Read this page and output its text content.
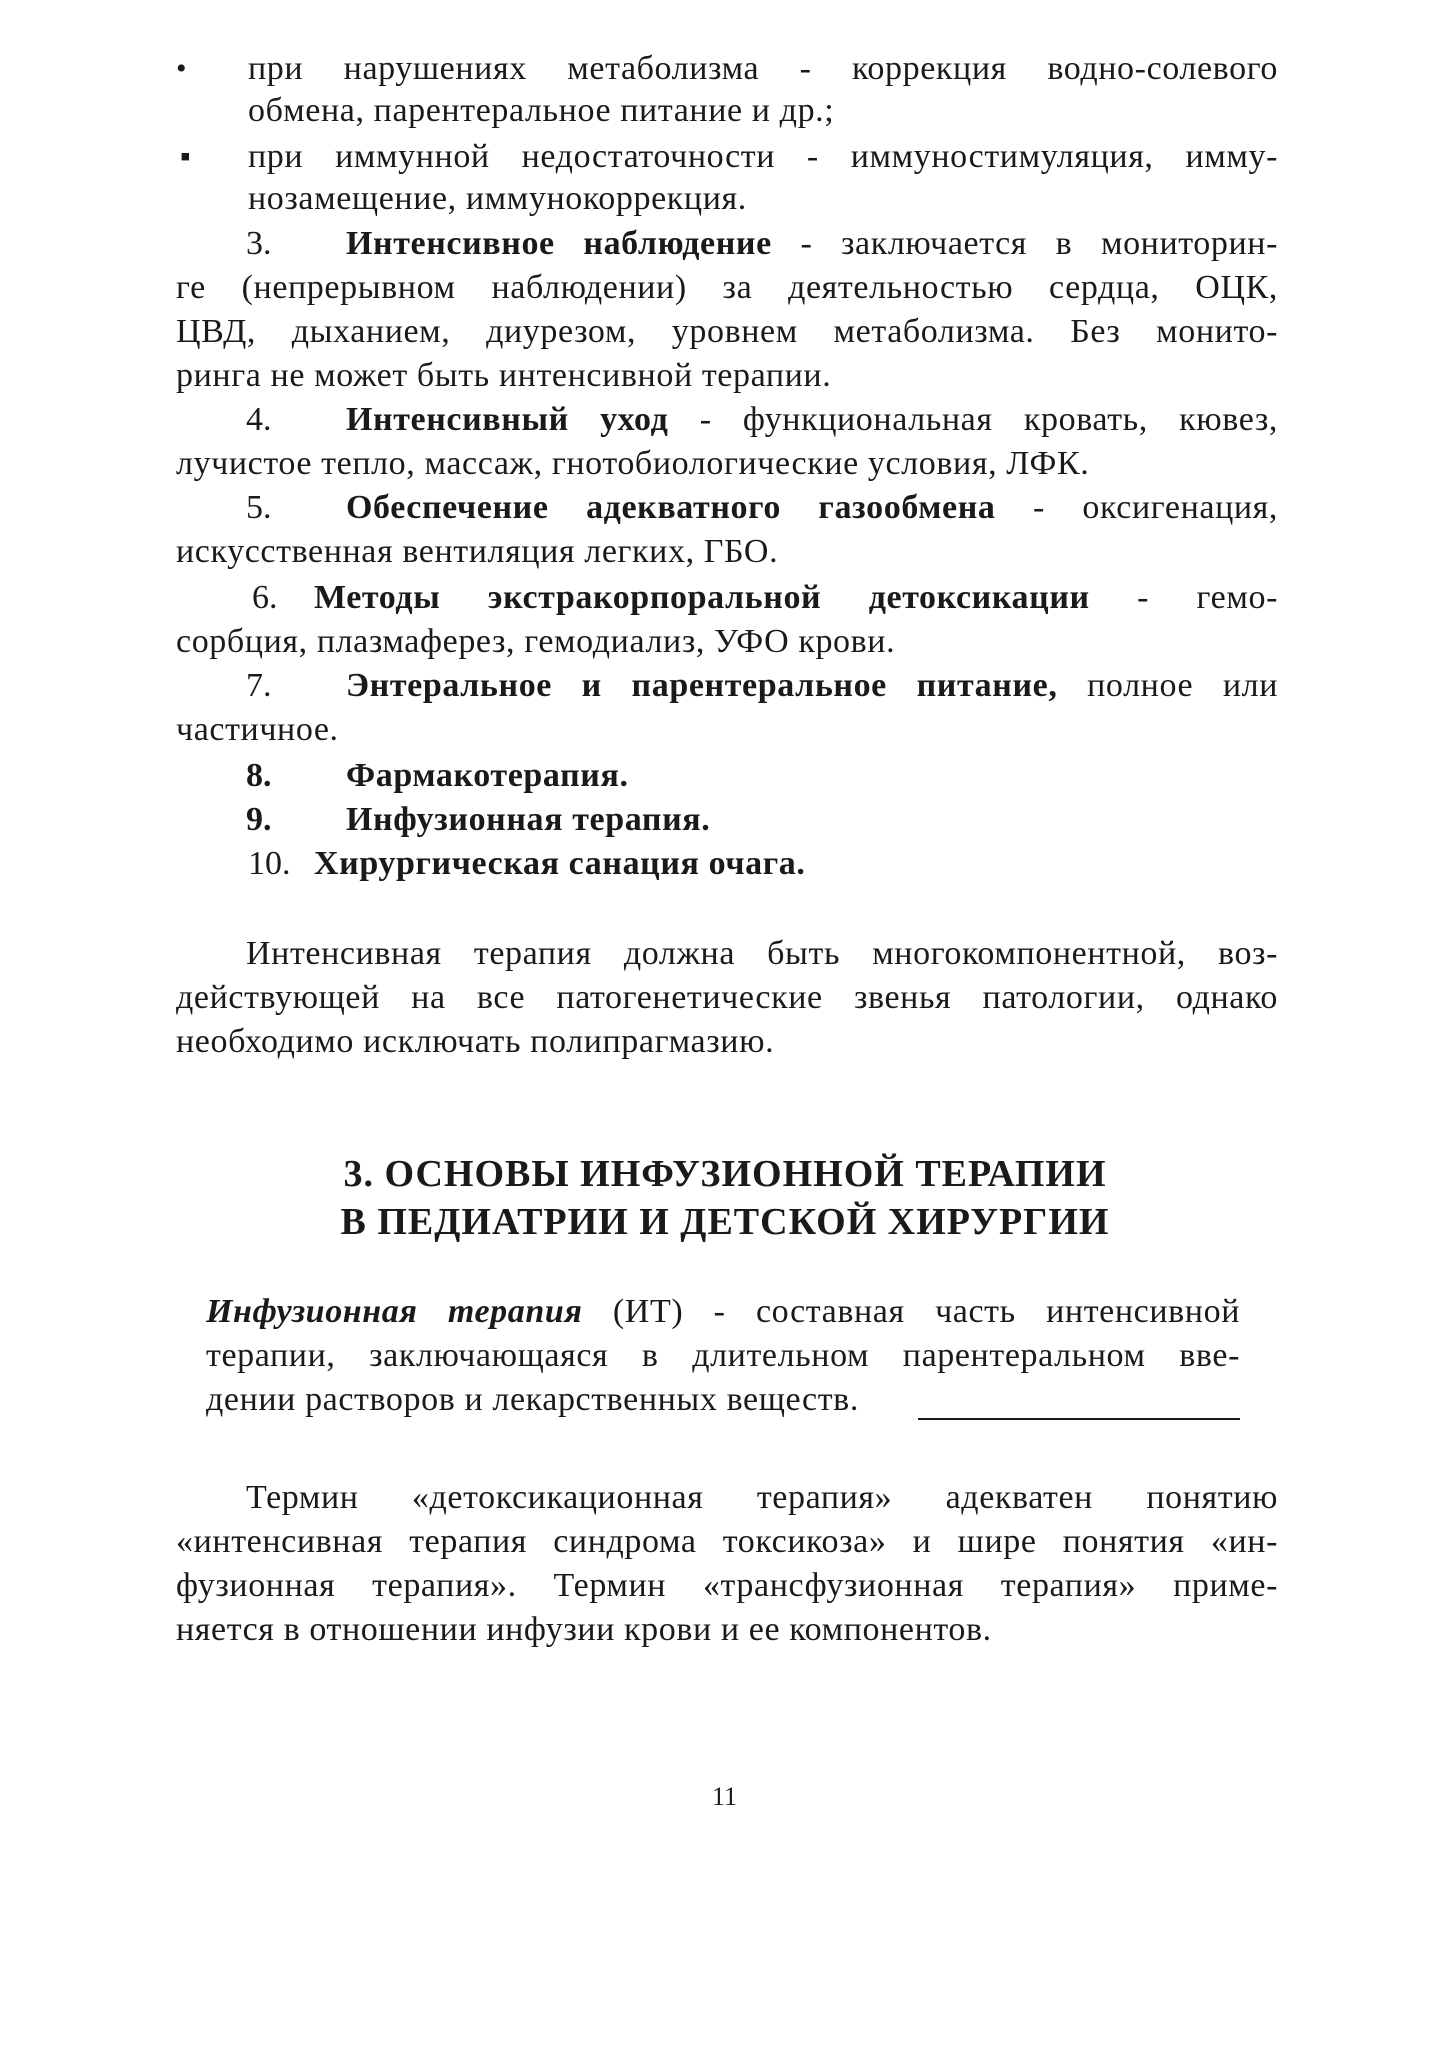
• при нарушениях метаболизма - коррекция водно-солевого
обмена, парентеральное питание и др.;
▪ при иммунной недостаточности - иммуностимуляция, имму-
нозамещение, иммунокоррекция.
3. Интенсивное наблюдение - заключается в мониторин-
ге (непрерывном наблюдении) за деятельностью сердца, ОЦК,
ЦВД, дыханием, диурезом, уровнем метаболизма. Без монито-
ринга не может быть интенсивной терапии.
4. Интенсивный уход - функциональная кровать, кювез,
лучистое тепло, массаж, гнотобиологические условия, ЛФК.
5. Обеспечение адекватного газообмена - оксигенация,
искусственная вентиляция легких, ГБО.
6. Методы экстракорпоральной детоксикации - гемо-
сорбция, плазмаферез, гемодиализ, УФО крови.
7. Энтеральное и парентеральное питание, полное или
частичное.
8. Фармакотерапия.
9. Инфузионная терапия.
10. Хирургическая санация очага.
Интенсивная терапия должна быть многокомпонентной, воз-
действующей на все патогенетические звенья патологии, однако
необходимо исключать полипрагмазию.
3. ОСНОВЫ ИНФУЗИОННОЙ ТЕРАПИИ
В ПЕДИАТРИИ И ДЕТСКОЙ ХИРУРГИИ
Инфузионная терапия (ИТ) - составная часть интенсивной
терапии, заключающаяся в длительном парентеральном вве-
дении растворов и лекарственных веществ.
Термин «детоксикационная терапия» адекватен понятию
«интенсивная терапия синдрома токсикоза» и шире понятия «ин-
фузионная терапия». Термин «трансфузионная терапия» приме-
няется в отношении инфузии крови и ее компонентов.
11
